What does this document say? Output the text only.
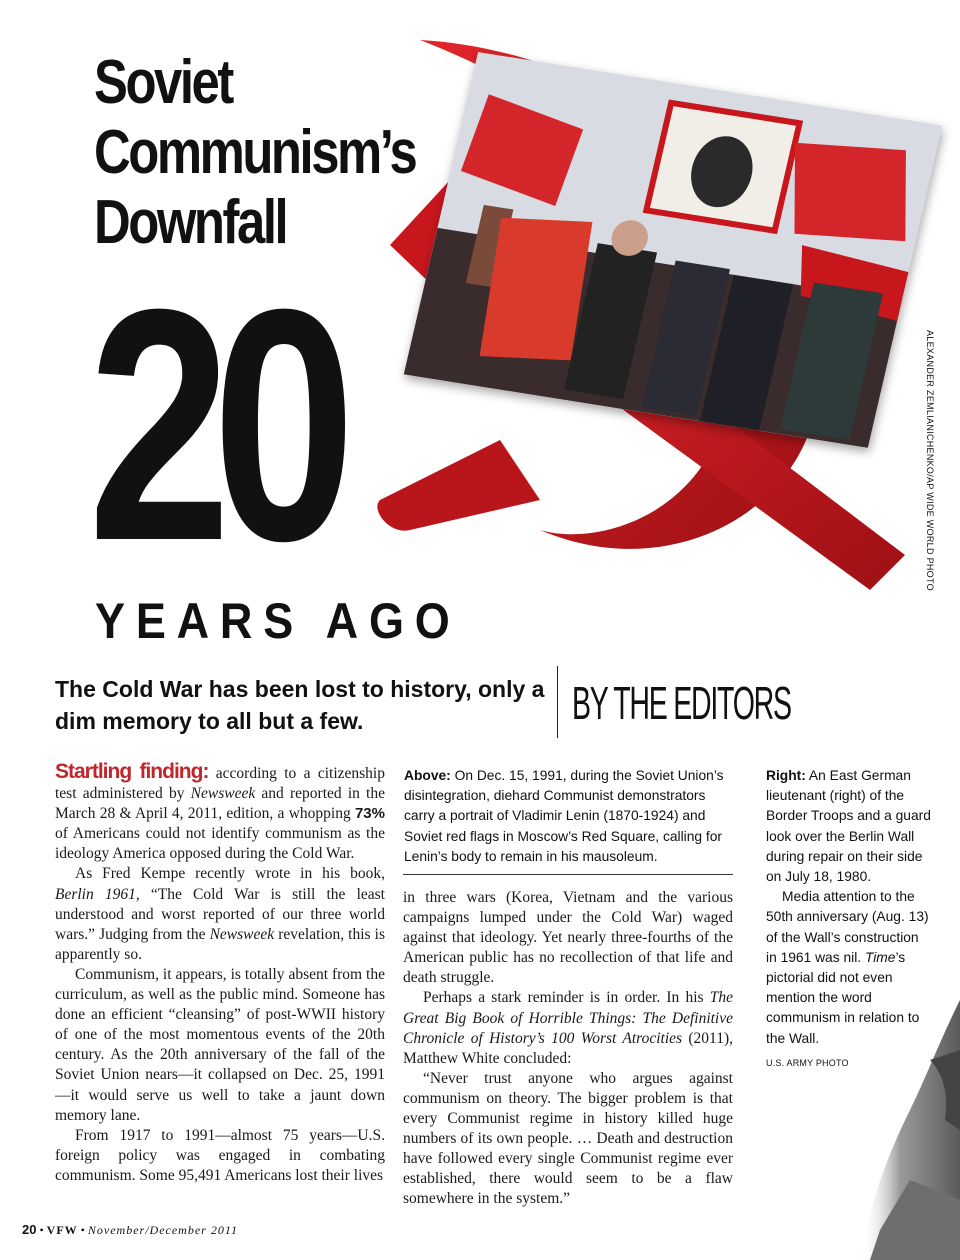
Soviet
Communism’s
Downfall
20	ALEXANDER ZEMLIANICHENKO/AP WIDE WORLD PHOTO
YEARS AGO
The Cold War has been lost to history, only a dim memory to all but a few.	BY THE EDITORS

Startling finding: according to a citizenship test administered by Newsweek and reported in the March 28 & April 4, 2011, edition, a whopping 73% of Americans could not identify communism as the ideology America opposed during the Cold War.

As Fred Kempe recently wrote in his book, Berlin 1961, “The Cold War is still the least understood and worst reported of our three world wars.” Judging from the Newsweek revelation, this is apparently so.

Communism, it appears, is totally absent from the curriculum, as well as the public mind. Someone has done an efficient “cleansing” of post-WWII history of one of the most momentous events of the 20th century. As the 20th anniversary of the fall of the Soviet Union nears—it collapsed on Dec. 25, 1991—it would serve us well to take a jaunt down memory lane.

From 1917 to 1991—almost 75 years—U.S. foreign policy was engaged in combating communism. Some 95,491 Americans lost their lives

Above: On Dec. 15, 1991, during the Soviet Union’s disintegration, diehard Communist demonstrators carry a portrait of Vladimir Lenin (1870-1924) and Soviet red flags in Moscow’s Red Square, calling for Lenin’s body to remain in his mausoleum.

in three wars (Korea, Vietnam and the various campaigns lumped under the Cold War) waged against that ideology. Yet nearly three-fourths of the American public has no recollection of that life and death struggle.

Perhaps a stark reminder is in order. In his The Great Big Book of Horrible Things: The Definitive Chronicle of History’s 100 Worst Atrocities (2011), Matthew White concluded:

“Never trust anyone who argues against communism on theory. The bigger problem is that every Communist regime in history killed huge numbers of its own people. … Death and destruction have followed every single Communist regime ever established, there would seem to be a flaw somewhere in the system.”

Right: An East German lieutenant (right) of the Border Troops and a guard look over the Berlin Wall during repair on their side on July 18, 1980.

Media attention to the 50th anniversary (Aug. 13) of the Wall’s construction in 1961 was nil. Time’s pictorial did not even mention the word communism in relation to the Wall.

U.S. ARMY PHOTO

20 • VFW • November/December 2011
